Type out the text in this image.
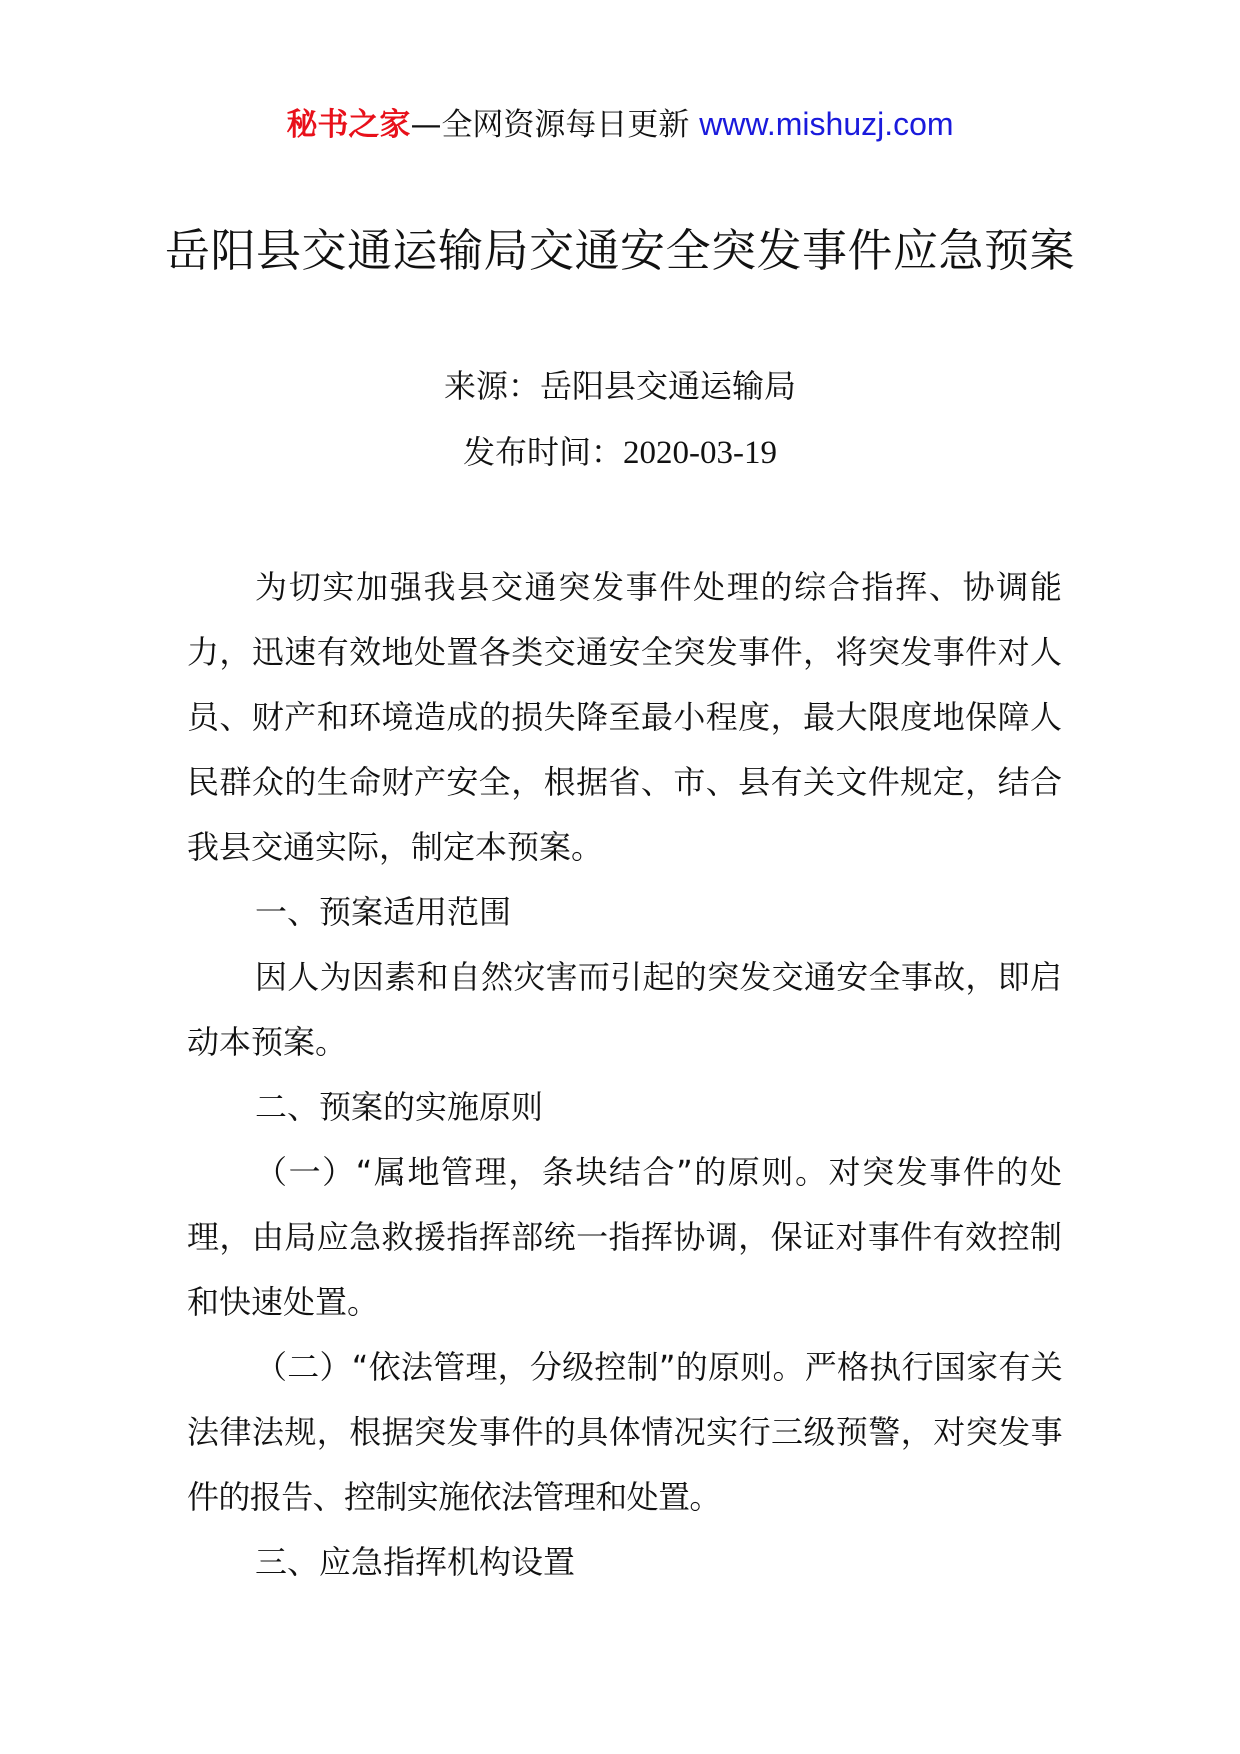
秘书之家—全网资源每日更新 www.mishuzj.com
岳阳县交通运输局交通安全突发事件应急预案
来源：岳阳县交通运输局
发布时间：2020-03-19

为切实加强我县交通突发事件处理的综合指挥、协调能力，迅速有效地处置各类交通安全突发事件，将突发事件对人员、财产和环境造成的损失降至最小程度，最大限度地保障人民群众的生命财产安全，根据省、市、县有关文件规定，结合我县交通实际，制定本预案。

一、预案适用范围

因人为因素和自然灾害而引起的突发交通安全事故，即启动本预案。

二、预案的实施原则

（一）“属地管理，条块结合”的原则。对突发事件的处理，由局应急救援指挥部统一指挥协调，保证对事件有效控制和快速处置。

（二）“依法管理，分级控制”的原则。严格执行国家有关法律法规，根据突发事件的具体情况实行三级预警，对突发事件的报告、控制实施依法管理和处置。

三、应急指挥机构设置
